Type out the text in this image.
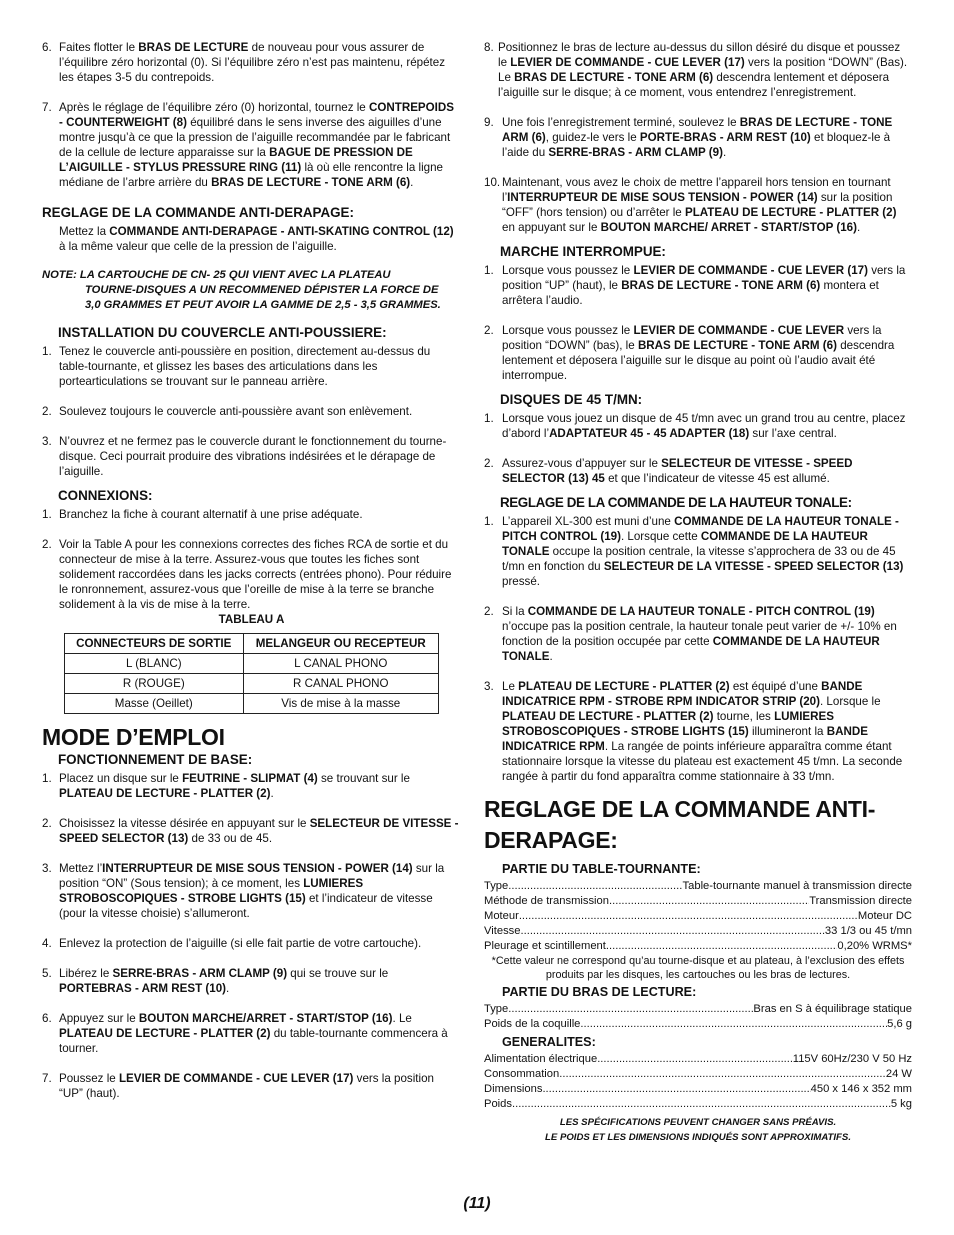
6. Faites flotter le BRAS DE LECTURE de nouveau pour vous assurer de l’équilibre zéro horizontal (0). Si l’équilibre zéro n’est pas maintenu, répétez les étapes 3-5 du contrepoids.

7. Après le réglage de l’équilibre zéro (0) horizontal, tournez le CONTREPOIDS - COUNTERWEIGHT (8) équilibré dans le sens inverse des aiguilles d’une montre jusqu’à ce que la pression de l’aiguille recommandée par le fabricant de la cellule de lecture apparaisse sur la BAGUE DE PRESSION DE L’AIGUILLE - STYLUS PRESSURE RING (11) là où elle rencontre la ligne médiane de l’arbre arrière du BRAS DE LECTURE - TONE ARM (6).

REGLAGE DE LA COMMANDE ANTI-DERAPAGE:

Mettez la COMMANDE ANTI-DERAPAGE - ANTI-SKATING CONTROL (12) à la même valeur que celle de la pression de l’aiguille.

NOTE: LA CARTOUCHE DE CN- 25 QUI VIENT AVEC LA PLATEAU
TOURNE-DISQUES A UN RECOMMENED DÉPISTER LA FORCE DE
3,0 GRAMMES ET PEUT AVOIR LA GAMME DE 2,5 - 3,5 GRAMMES.
INSTALLATION DU COUVERCLE ANTI-POUSSIERE:
1. Tenez le couvercle anti-poussière en position, directement au-dessus du table-tournante, et glissez les bases des articulations dans les portearticulations se trouvant sur le panneau arrière.

2. Soulevez toujours le couvercle anti-poussière avant son enlèvement.

3. N’ouvrez et ne fermez pas le couvercle durant le fonctionnement du tourne-disque. Ceci pourrait produire des vibrations indésirées et le dérapage de l’aiguille.

CONNEXIONS:
1. Branchez la fiche à courant alternatif à une prise adéquate.

2. Voir la Table A pour les connexions correctes des fiches RCA de sortie et du connecteur de mise à la terre. Assurez-vous que toutes les fiches sont solidement raccordées dans les jacks corrects (entrées phono). Pour réduire le ronronnement, assurez-vous que l’oreille de mise à la terre se branche solidement à la vis de mise à la terre.

TABLEAU A
CONNECTEURS DE SORTIE	MELANGEUR OU RECEPTEUR
L (BLANC)	L CANAL PHONO
R (ROUGE)	R CANAL PHONO
Masse (Oeillet)	Vis de mise à la masse
MODE D’EMPLOI
FONCTIONNEMENT DE BASE:
1. Placez un disque sur le FEUTRINE - SLIPMAT (4) se trouvant sur le PLATEAU DE LECTURE - PLATTER (2).

2. Choisissez la vitesse désirée en appuyant sur le SELECTEUR DE VITESSE - SPEED SELECTOR (13) de 33 ou de 45.

3. Mettez l’INTERRUPTEUR DE MISE SOUS TENSION - POWER (14) sur la position “ON” (Sous tension); à ce moment, les LUMIERES STROBOSCOPIQUES - STROBE LIGHTS (15) et l’indicateur de vitesse (pour la vitesse choisie) s’allumeront.

4. Enlevez la protection de l’aiguille (si elle fait partie de votre cartouche).

5. Libérez le SERRE-BRAS - ARM CLAMP (9) qui se trouve sur le PORTEBRAS - ARM REST (10).

6. Appuyez sur le BOUTON MARCHE/ARRET - START/STOP (16). Le PLATEAU DE LECTURE - PLATTER (2) du table-tournante commencera à tourner.

7. Poussez le LEVIER DE COMMANDE - CUE LEVER (17) vers la position “UP” (haut).

8. Positionnez le bras de lecture au-dessus du sillon désiré du disque et poussez le LEVIER DE COMMANDE - CUE LEVER (17) vers la position “DOWN” (Bas). Le BRAS DE LECTURE - TONE ARM (6) descendra lentement et déposera l’aiguille sur le disque; à ce moment, vous entendrez l’enregistrement.

9. Une fois l’enregistrement terminé, soulevez le BRAS DE LECTURE - TONE ARM (6), guidez-le vers le PORTE-BRAS - ARM REST (10) et bloquez-le à l’aide du SERRE-BRAS - ARM CLAMP (9).

10. Maintenant, vous avez le choix de mettre l’appareil hors tension en tournant l’INTERRUPTEUR DE MISE SOUS TENSION - POWER (14) sur la position “OFF” (hors tension) ou d’arrêter le PLATEAU DE LECTURE - PLATTER (2) en appuyant sur le BOUTON MARCHE/ ARRET - START/STOP (16).

MARCHE INTERROMPUE:
1. Lorsque vous poussez le LEVIER DE COMMANDE - CUE LEVER (17) vers la position “UP” (haut), le BRAS DE LECTURE - TONE ARM (6) montera et arrêtera l’audio.

2. Lorsque vous poussez le LEVIER DE COMMANDE - CUE LEVER vers la position “DOWN” (bas), le BRAS DE LECTURE - TONE ARM (6) descendra lentement et déposera l’aiguille sur le disque au point où l’audio avait été interrompue.

DISQUES DE 45 T/MN:
1. Lorsque vous jouez un disque de 45 t/mn avec un grand trou au centre, placez d’abord l’ADAPTATEUR 45 - 45 ADAPTER (18) sur l’axe central.

2. Assurez-vous d’appuyer sur le SELECTEUR DE VITESSE - SPEED SELECTOR (13) 45 et que l’indicateur de vitesse 45 est allumé.

REGLAGE DE LA COMMANDE DE LA HAUTEUR TONALE:
1. L’appareil XL-300 est muni d’une COMMANDE DE LA HAUTEUR TONALE - PITCH CONTROL (19). Lorsque cette COMMANDE DE LA HAUTEUR TONALE occupe la position centrale, la vitesse s’approchera de 33 ou de 45 t/mn en fonction du SELECTEUR DE LA VITESSE - SPEED SELECTOR (13) pressé.

2. Si la COMMANDE DE LA HAUTEUR TONALE - PITCH CONTROL (19) n’occupe pas la position centrale, la hauteur tonale peut varier de +/- 10% en fonction de la position occupée par cette COMMANDE DE LA HAUTEUR TONALE.

3. Le PLATEAU DE LECTURE - PLATTER (2) est équipé d’une BANDE INDICATRICE RPM - STROBE RPM INDICATOR STRIP (20). Lorsque le PLATEAU DE LECTURE - PLATTER (2) tourne, les LUMIERES STROBOSCOPIQUES - STROBE LIGHTS (15) illumineront la BANDE INDICATRICE RPM. La rangée de points inférieure apparaîtra comme étant stationnaire lorsque la vitesse du plateau est exactement 45 t/mn. La seconde rangée à partir du fond apparaîtra comme stationnaire à 33 t/mn.

REGLAGE DE LA COMMANDE ANTI-
DERAPAGE:
PARTIE DU TABLE-TOURNANTE:
Type .....	Table-tournante manuel à transmission directe
Méthode de transmission .....	Transmission directe
Moteur .....	Moteur DC
Vitesse .....	33 1/3 ou 45 t/mn
Pleurage et scintillement .....	0,20% WRMS*
*Cette valeur ne correspond qu’au tourne-disque et au plateau, à l’exclusion des effets produits par les disques, les cartouches ou les bras de lectures.
PARTIE DU BRAS DE LECTURE:
Type .....	Bras en S à équilibrage statique
Poids de la coquille .....	5,6 g
GENERALITES:
Alimentation électrique .....	115V 60Hz/230 V 50 Hz
Consommation .....	24 W
Dimensions .....	450 x 146 x 352 mm
Poids .....	5 kg
LES SPÉCIFICATIONS PEUVENT CHANGER SANS PRÉAVIS.
LE POIDS ET LES DIMENSIONS INDIQUÉS SONT APPROXIMATIFS.
(11)
